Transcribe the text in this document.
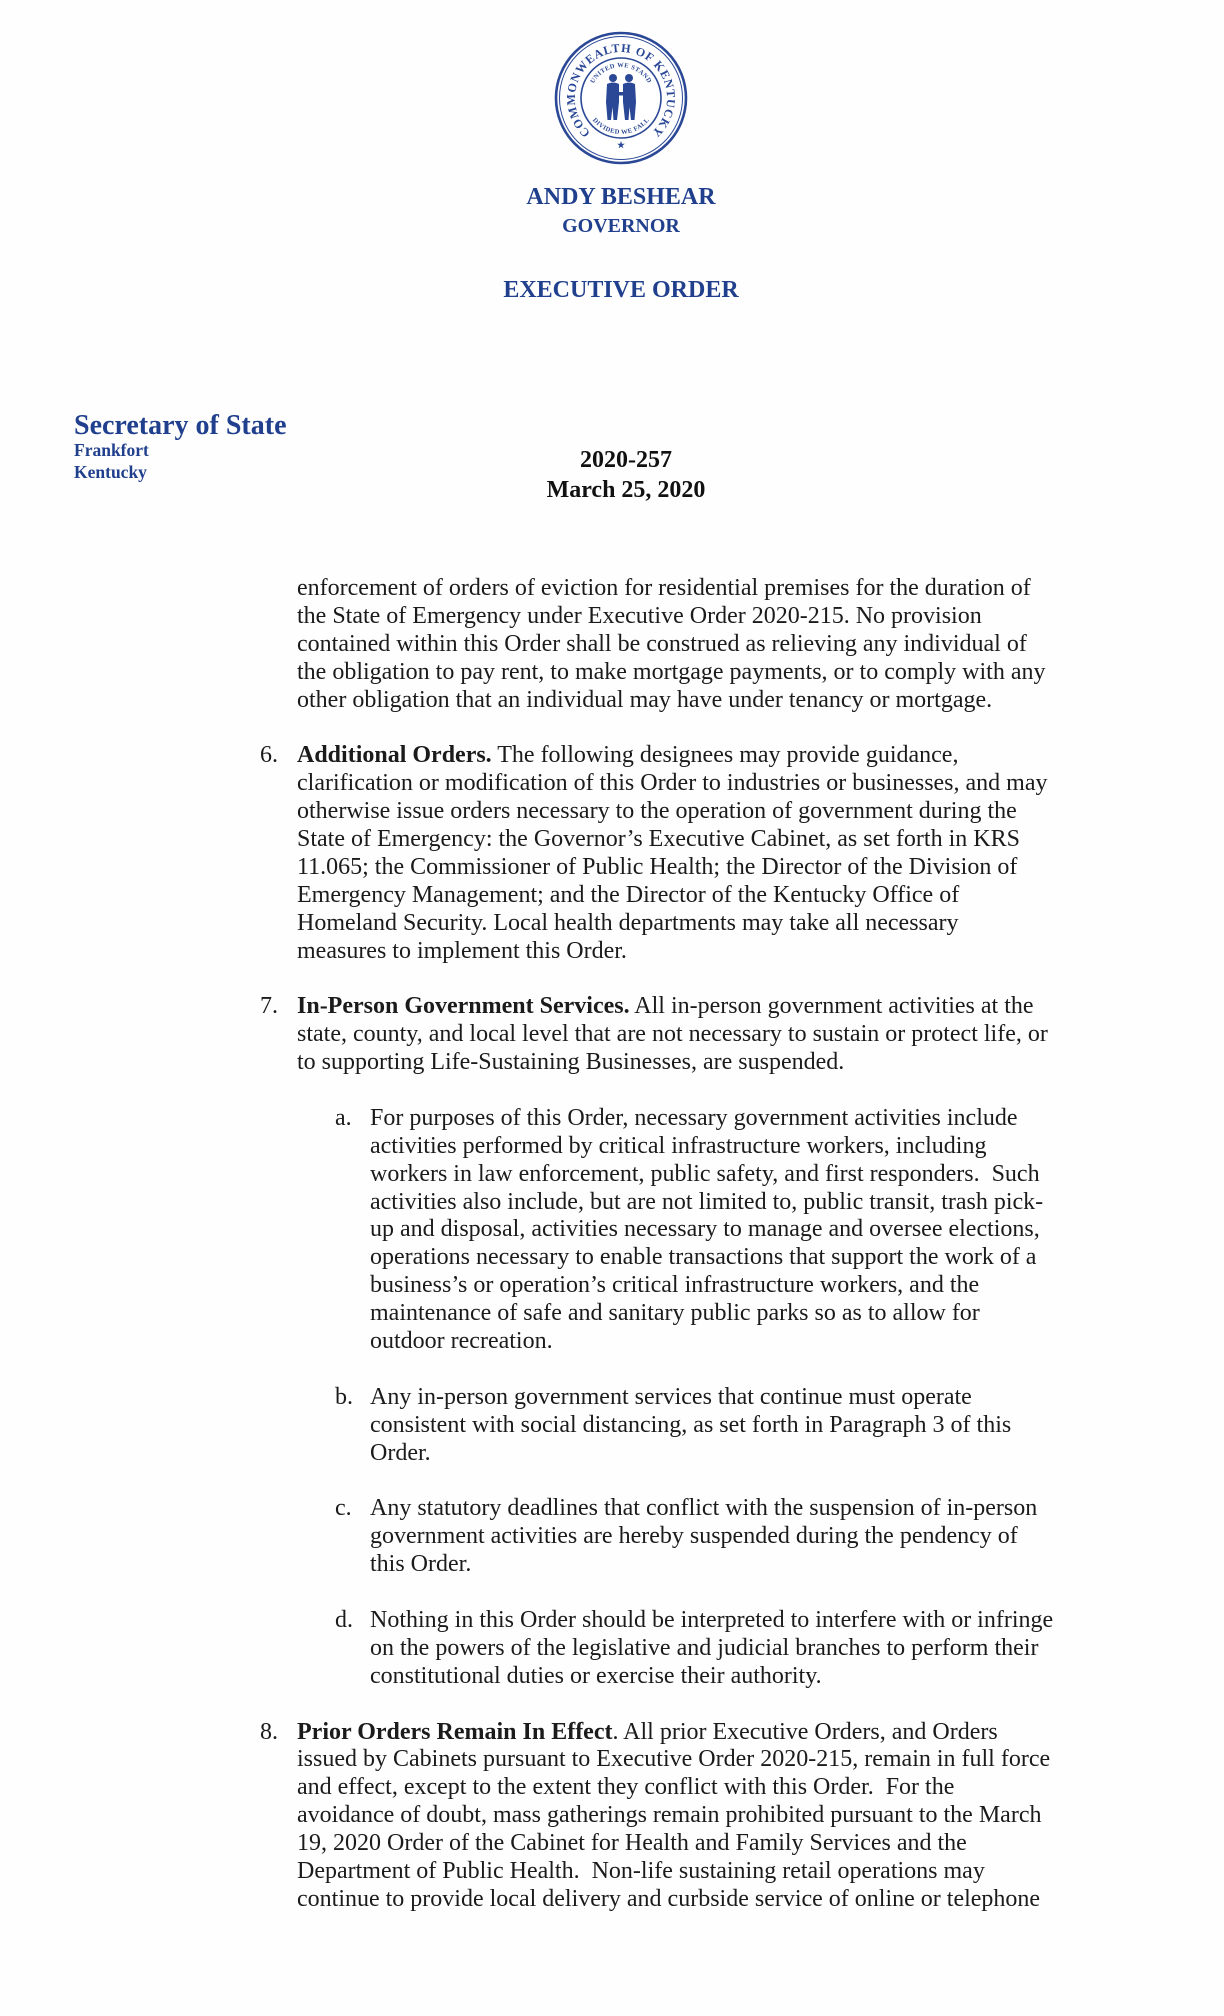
COMMONWEALTH OF KENTUCKY
UNITED WE STAND
DIVIDED WE FALL
ANDY BESHEAR
GOVERNOR
EXECUTIVE ORDER
Secretary of State
Frankfort
Kentucky	2020-257
March 25, 2020
enforcement of orders of eviction for residential premises for the duration of
the State of Emergency under Executive Order 2020-215. No provision
contained within this Order shall be construed as relieving any individual of
the obligation to pay rent, to make mortgage payments, or to comply with any
other obligation that an individual may have under tenancy or mortgage.
6. Additional Orders. The following designees may provide guidance,
clarification or modification of this Order to industries or businesses, and may
otherwise issue orders necessary to the operation of government during the
State of Emergency: the Governor’s Executive Cabinet, as set forth in KRS
11.065; the Commissioner of Public Health; the Director of the Division of
Emergency Management; and the Director of the Kentucky Office of
Homeland Security. Local health departments may take all necessary
measures to implement this Order.
7. In-Person Government Services. All in-person government activities at the
state, county, and local level that are not necessary to sustain or protect life, or
to supporting Life-Sustaining Businesses, are suspended.
a. For purposes of this Order, necessary government activities include
activities performed by critical infrastructure workers, including
workers in law enforcement, public safety, and first responders.  Such
activities also include, but are not limited to, public transit, trash pick-
up and disposal, activities necessary to manage and oversee elections,
operations necessary to enable transactions that support the work of a
business’s or operation’s critical infrastructure workers, and the
maintenance of safe and sanitary public parks so as to allow for
outdoor recreation.
b. Any in-person government services that continue must operate
consistent with social distancing, as set forth in Paragraph 3 of this
Order.
c. Any statutory deadlines that conflict with the suspension of in-person
government activities are hereby suspended during the pendency of
this Order.
d. Nothing in this Order should be interpreted to interfere with or infringe
on the powers of the legislative and judicial branches to perform their
constitutional duties or exercise their authority.
8. Prior Orders Remain In Effect. All prior Executive Orders, and Orders
issued by Cabinets pursuant to Executive Order 2020-215, remain in full force
and effect, except to the extent they conflict with this Order.  For the
avoidance of doubt, mass gatherings remain prohibited pursuant to the March
19, 2020 Order of the Cabinet for Health and Family Services and the
Department of Public Health.  Non-life sustaining retail operations may
continue to provide local delivery and curbside service of online or telephone
